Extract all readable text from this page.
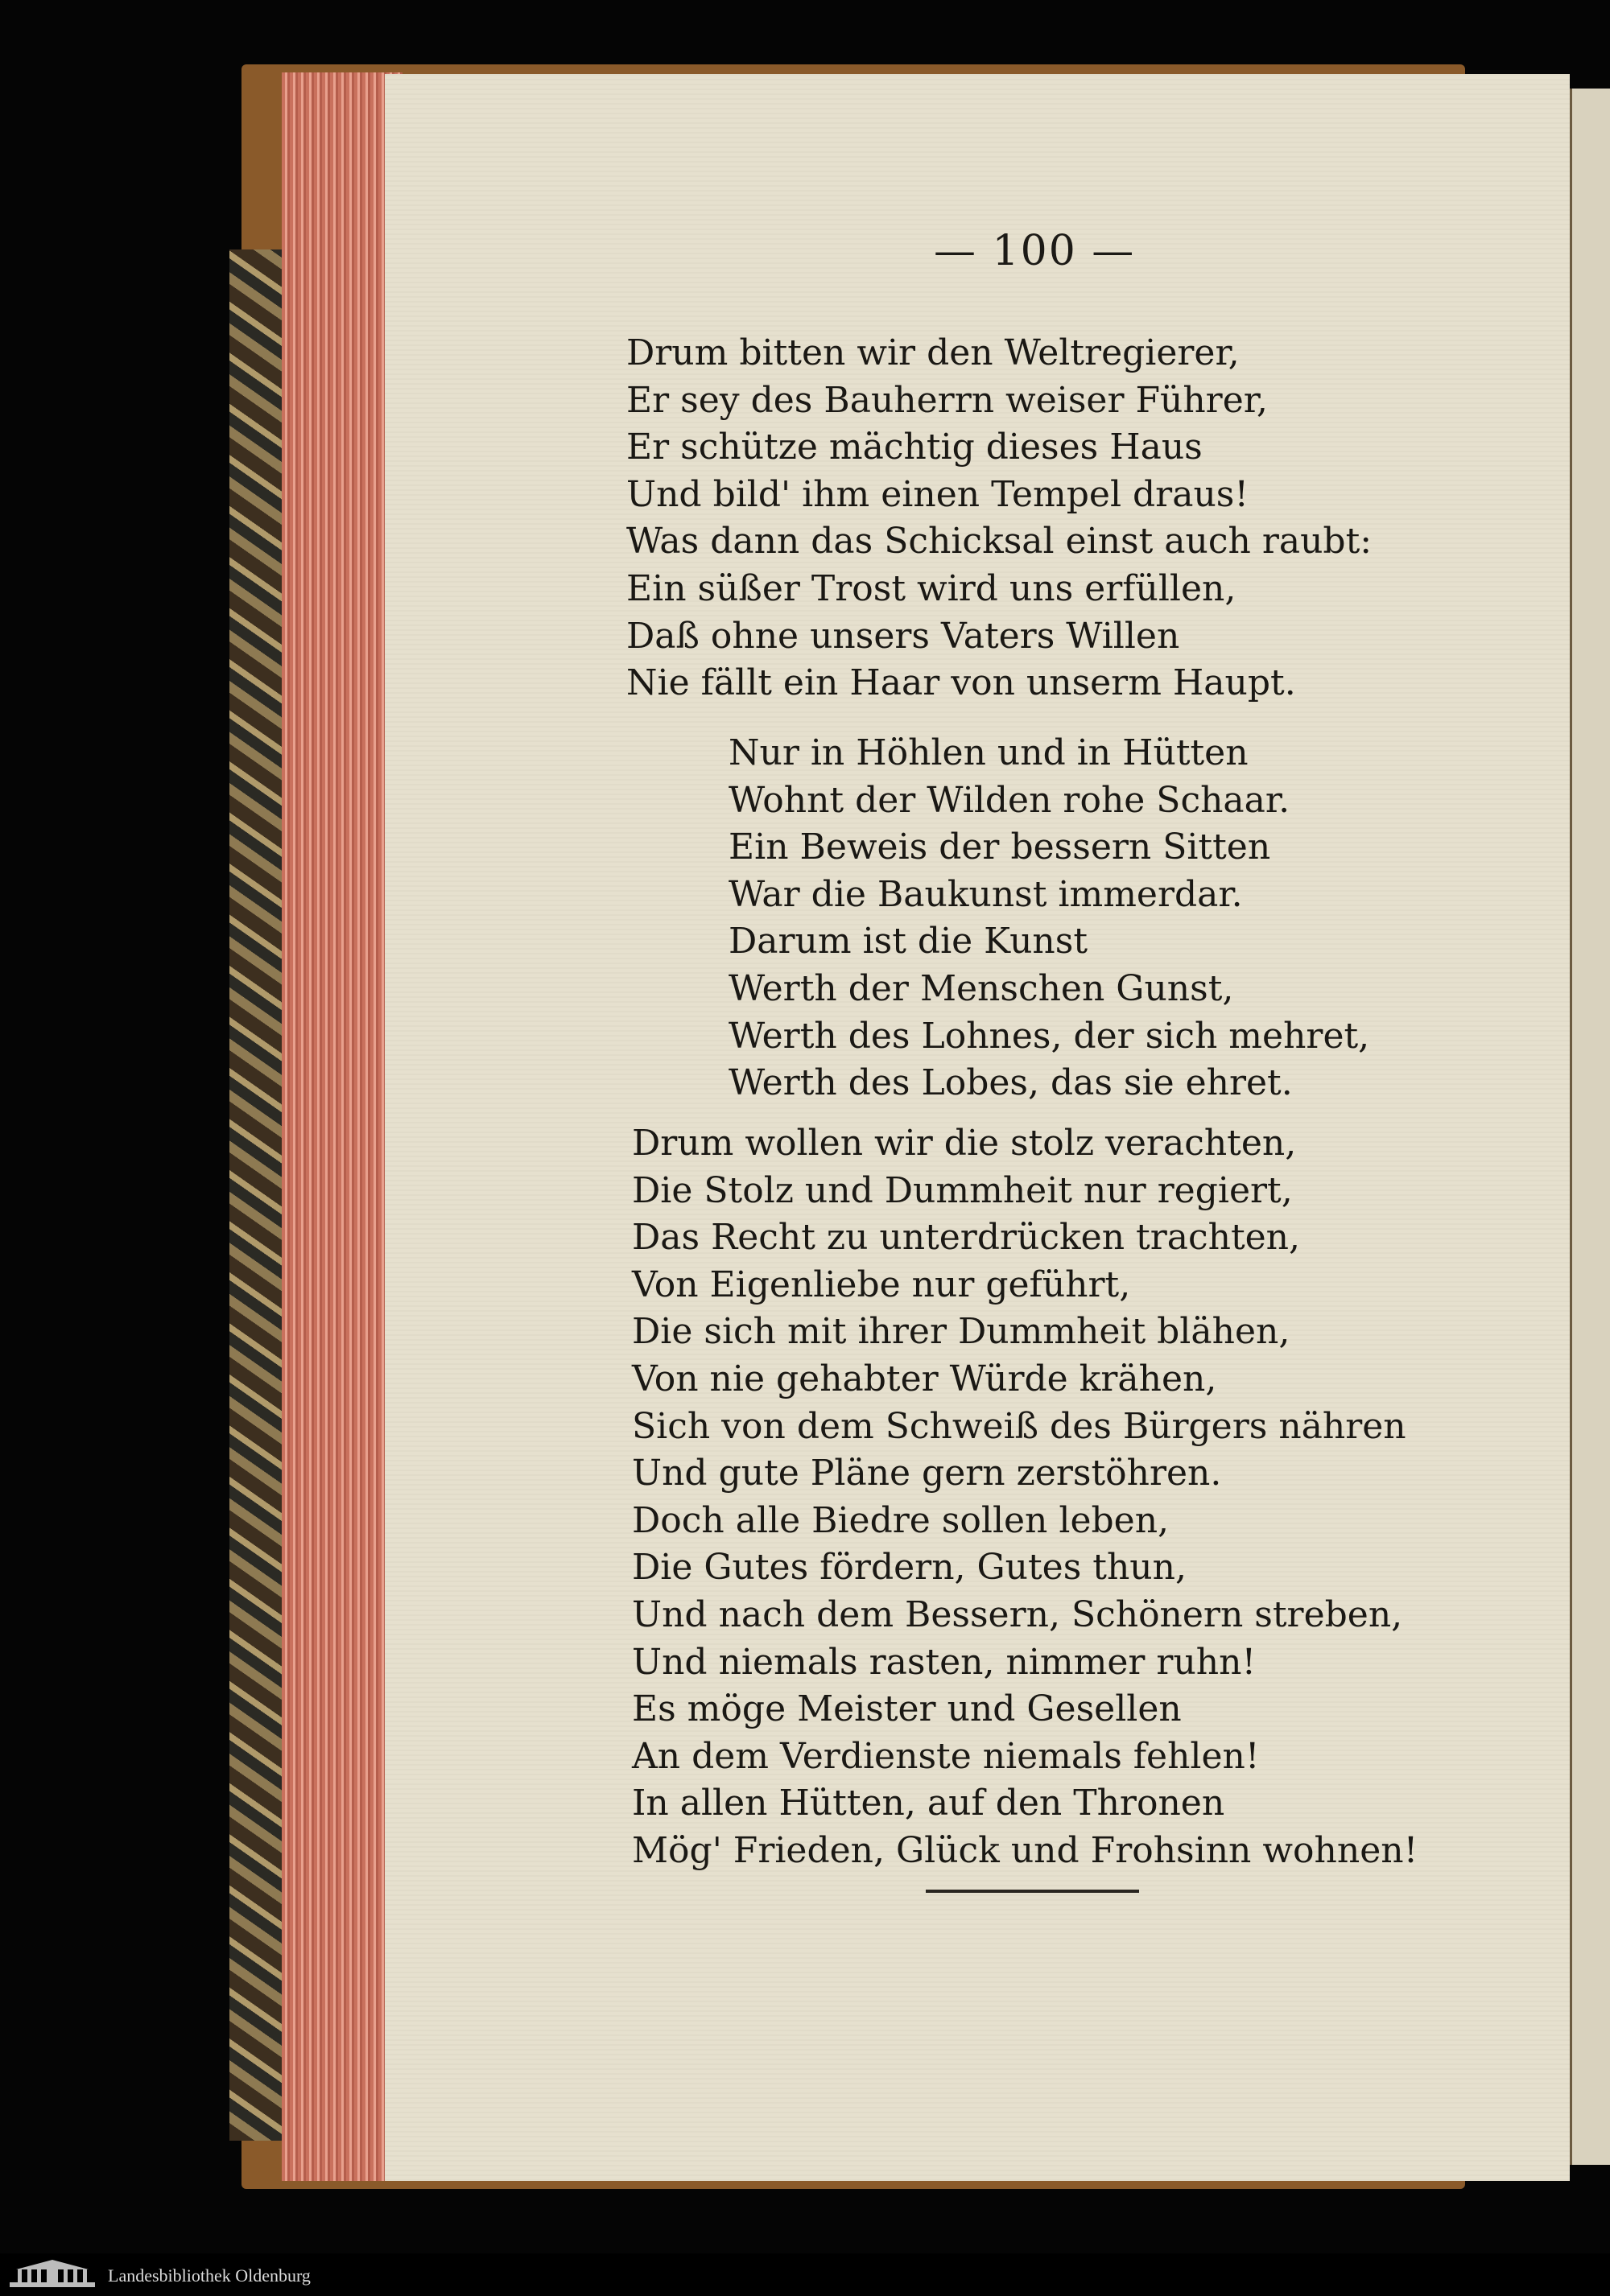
— 100 —
Drum bitten wir den Weltregierer,
Er sey des Bauherrn weiser Führer,
Er schütze mächtig dieses Haus
Und bild' ihm einen Tempel draus!
Was dann das Schicksal einst auch raubt:
Ein süßer Trost wird uns erfüllen,
Daß ohne unsers Vaters Willen
Nie fällt ein Haar von unserm Haupt.
Nur in Höhlen und in Hütten
Wohnt der Wilden rohe Schaar.
Ein Beweis der bessern Sitten
War die Baukunst immerdar.
Darum ist die Kunst
Werth der Menschen Gunst,
Werth des Lohnes, der sich mehret,
Werth des Lobes, das sie ehret.
Drum wollen wir die stolz verachten,
Die Stolz und Dummheit nur regiert,
Das Recht zu unterdrücken trachten,
Von Eigenliebe nur geführt,
Die sich mit ihrer Dummheit blähen,
Von nie gehabter Würde krähen,
Sich von dem Schweiß des Bürgers nähren
Und gute Pläne gern zerstöhren.
Doch alle Biedre sollen leben,
Die Gutes fördern, Gutes thun,
Und nach dem Bessern, Schönern streben,
Und niemals rasten, nimmer ruhn!
Es möge Meister und Gesellen
An dem Verdienste niemals fehlen!
In allen Hütten, auf den Thronen
Mög' Frieden, Glück und Frohsinn wohnen!
Landesbibliothek Oldenburg
